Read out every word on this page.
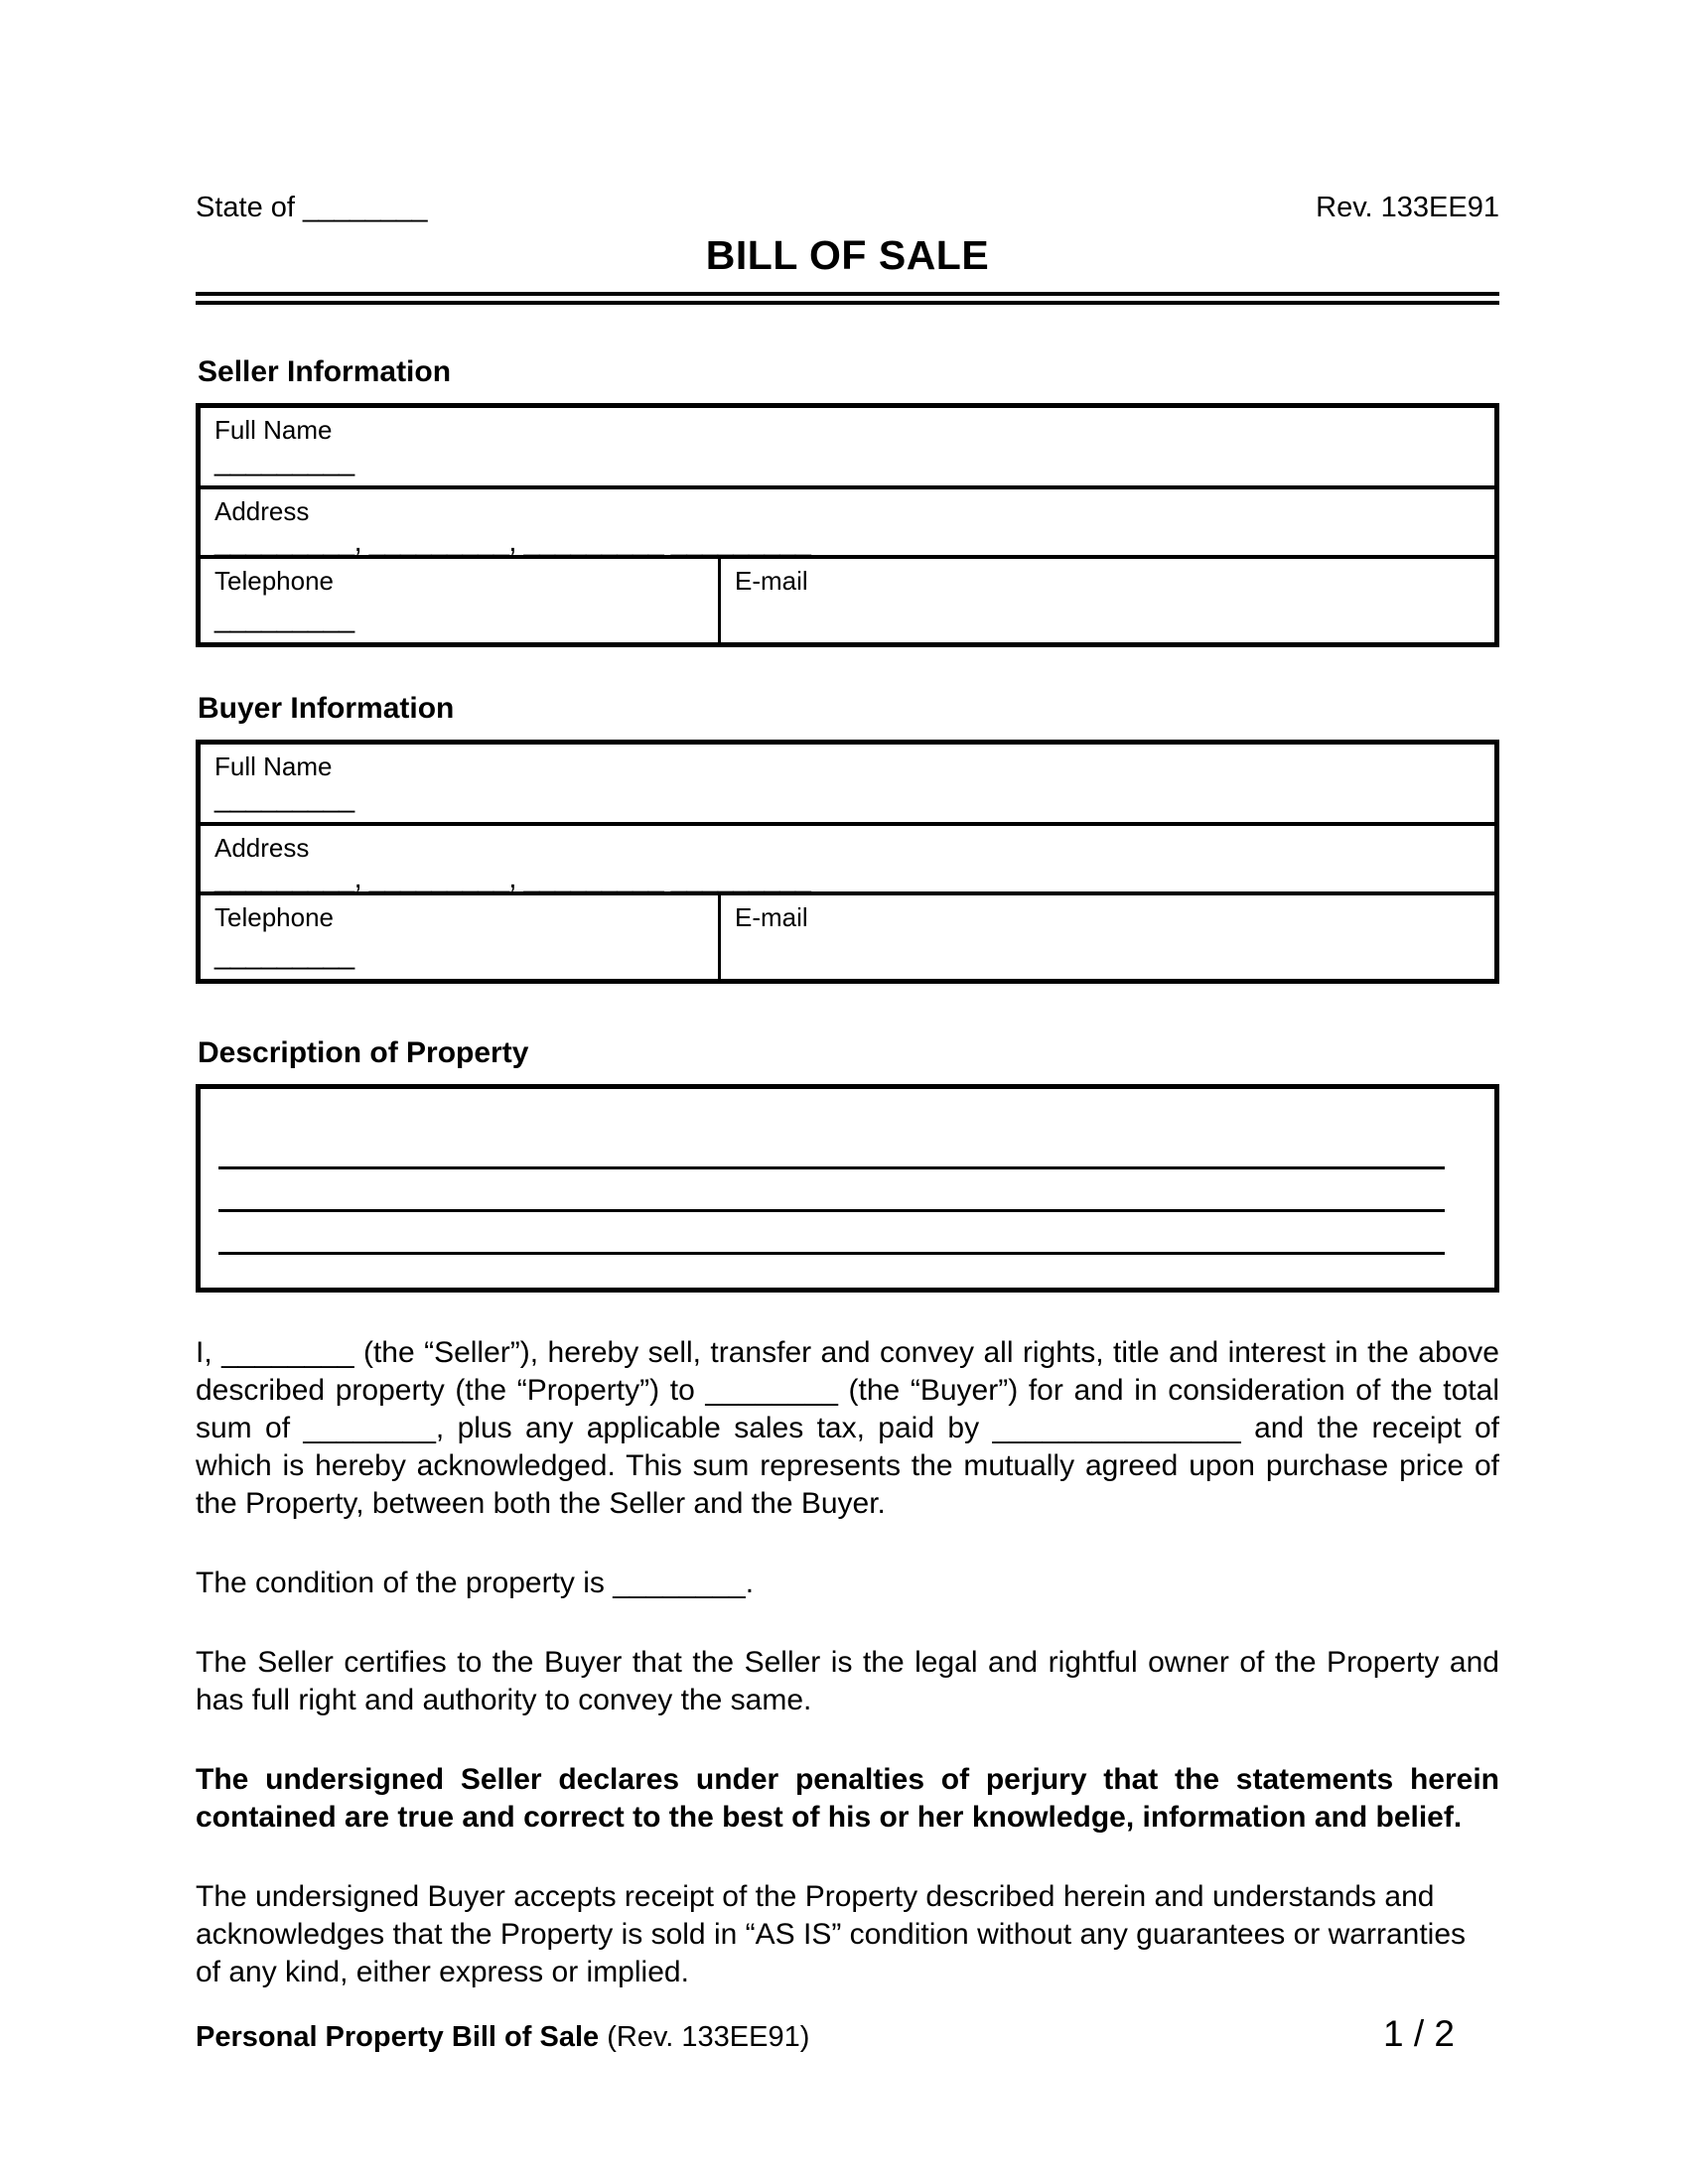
State of ________	Rev. 133EE91
BILL OF SALE
Seller Information
Full Name
_________
Address
_________, _________, _________ _________
Telephone
_________
E-mail
Buyer Information
Full Name
_________
Address
_________, _________, _________ _________
Telephone
_________
E-mail
Description of Property

I, ________ (the “Seller”), hereby sell, transfer and convey all rights, title and interest in the above described property (the “Property”) to ________ (the “Buyer”) for and in consideration of the total sum of ________, plus any applicable sales tax, paid by _______________ and the receipt of which is hereby acknowledged. This sum represents the mutually agreed upon purchase price of the Property, between both the Seller and the Buyer.

The condition of the property is ________.

The Seller certifies to the Buyer that the Seller is the legal and rightful owner of the Property and has full right and authority to convey the same.

The undersigned Seller declares under penalties of perjury that the statements herein contained are true and correct to the best of his or her knowledge, information and belief.

The undersigned Buyer accepts receipt of the Property described herein and understands and acknowledges that the Property is sold in “AS IS” condition without any guarantees or warranties of any kind, either express or implied.

Personal Property Bill of Sale (Rev. 133EE91)	1 / 2
